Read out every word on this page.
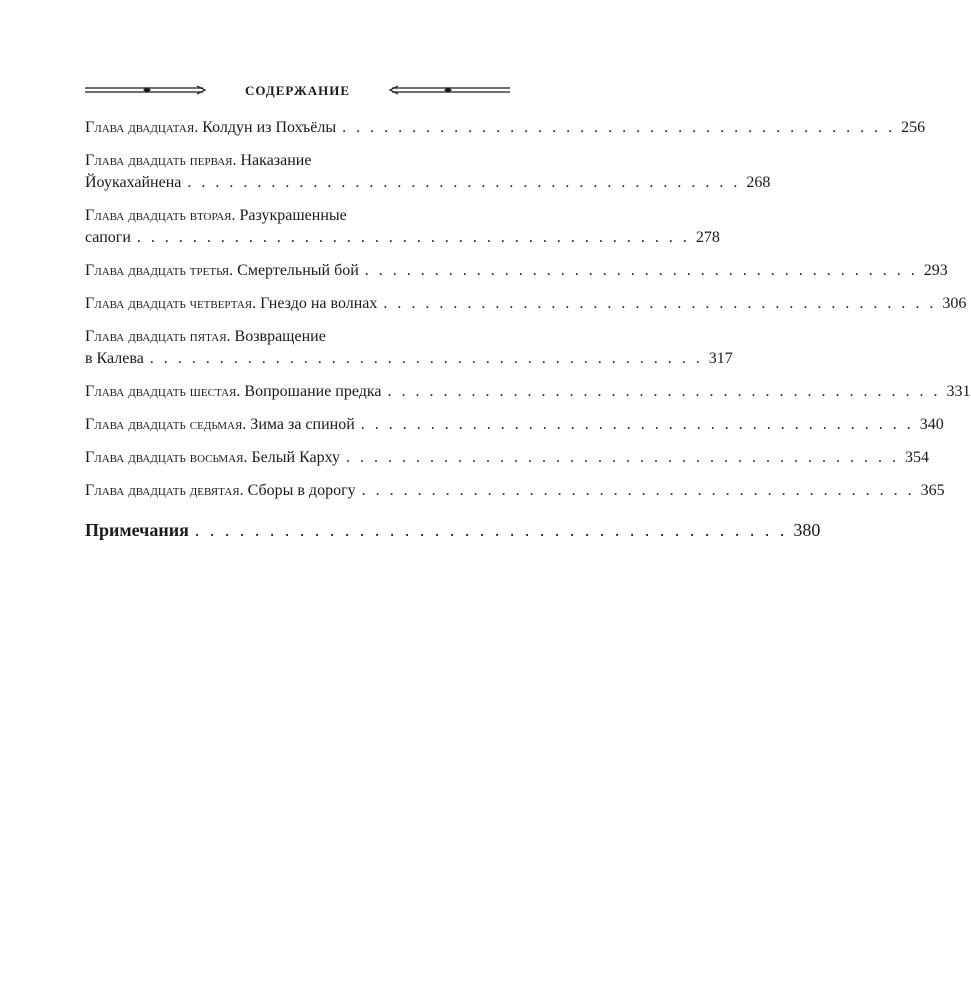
СОДЕРЖАНИЕ
Глава двадцатая. Колдун из Похъёлы . . . . . . . . . . . . . . . . . . . . . . . . . . . . . . . . . . . . . . . . 256
Глава двадцать первая. Наказание
Йоукахайнена . . . . . . . . . . . . . . . . . . . . . . . . . . . . . . . . . . . . . . . . 268
Глава двадцать вторая. Разукрашенные
сапоги . . . . . . . . . . . . . . . . . . . . . . . . . . . . . . . . . . . . . . . . 278
Глава двадцать третья. Смертельный бой . . . . . . . . . . . . . . . . . . . . . . . . . . . . . . . . . . . . . . . . 293
Глава двадцать четвертая. Гнездо на волнах . . . . . . . . . . . . . . . . . . . . . . . . . . . . . . . . . . . . . . . . 306
Глава двадцать пятая. Возвращение
в Калева . . . . . . . . . . . . . . . . . . . . . . . . . . . . . . . . . . . . . . . . 317
Глава двадцать шестая. Вопрошание предка . . . . . . . . . . . . . . . . . . . . . . . . . . . . . . . . . . . . . . . . 331
Глава двадцать седьмая. Зима за спиной . . . . . . . . . . . . . . . . . . . . . . . . . . . . . . . . . . . . . . . . 340
Глава двадцать восьмая. Белый Карху . . . . . . . . . . . . . . . . . . . . . . . . . . . . . . . . . . . . . . . . 354
Глава двадцать девятая. Сборы в дорогу . . . . . . . . . . . . . . . . . . . . . . . . . . . . . . . . . . . . . . . . 365
Примечания . . . . . . . . . . . . . . . . . . . . . . . . . . . . . . . . . . . . . . . . 380
